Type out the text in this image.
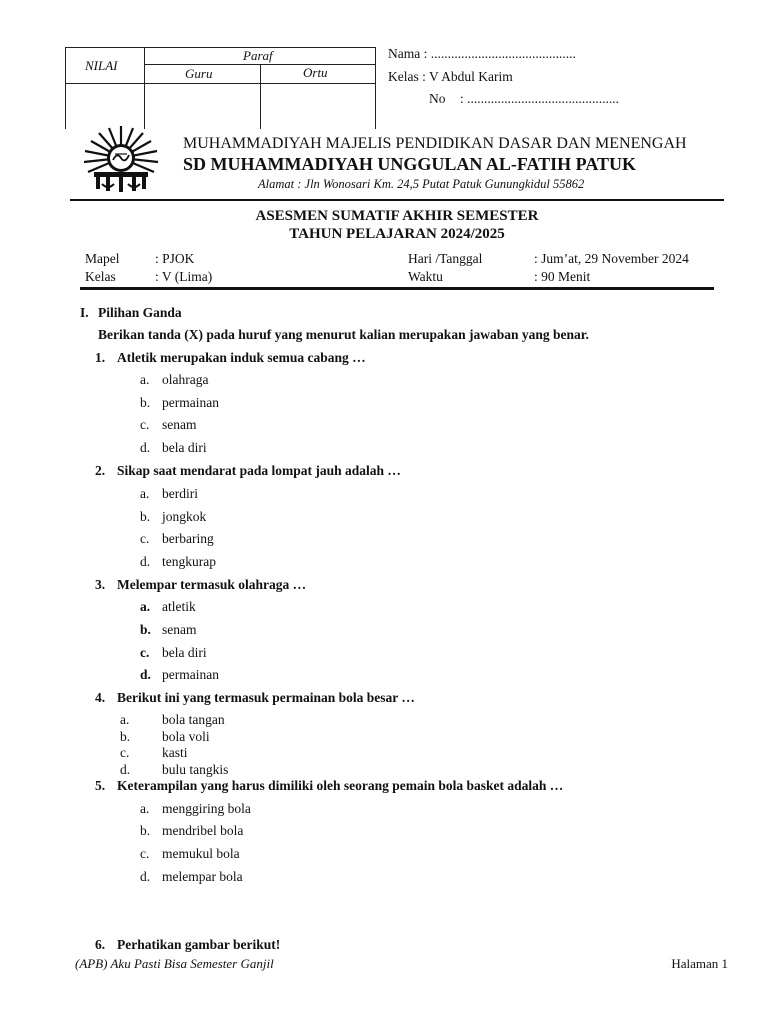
NILAI
Paraf
Guru	Ortu
Nama : ...........................................
Kelas : V Abdul Karim
No : .............................................
MUHAMMADIYAH MAJELIS PENDIDIKAN DASAR DAN MENENGAH
SD MUHAMMADIYAH UNGGULAN AL-FATIH PATUK
Alamat : Jln Wonosari Km. 24,5 Putat Patuk Gunungkidul 55862
ASESMEN SUMATIF AKHIR SEMESTER
TAHUN PELAJARAN 2024/2025
Mapel	: PJOK
Kelas	: V (Lima)
Hari /Tanggal	: Jum’at, 29 November 2024
Waktu	: 90 Menit
I. Pilihan Ganda
Berikan tanda (X) pada huruf yang menurut kalian merupakan jawaban yang benar.
1. Atletik merupakan induk semua cabang …
a. olahraga
b. permainan
c. senam
d. bela diri
2. Sikap saat mendarat pada lompat jauh adalah …
a. berdiri
b. jongkok
c. berbaring
d. tengkurap
3. Melempar termasuk olahraga …
a. atletik
b. senam
c. bela diri
d. permainan
4. Berikut ini yang termasuk permainan bola besar …
a. bola tangan
b. bola voli
c. kasti
d. bulu tangkis
5. Keterampilan yang harus dimiliki oleh seorang pemain bola basket adalah …
a. menggiring bola
b. mendribel bola
c. memukul bola
d. melempar bola
6. Perhatikan gambar berikut!
(APB) Aku Pasti Bisa Semester Ganjil	Halaman 1
